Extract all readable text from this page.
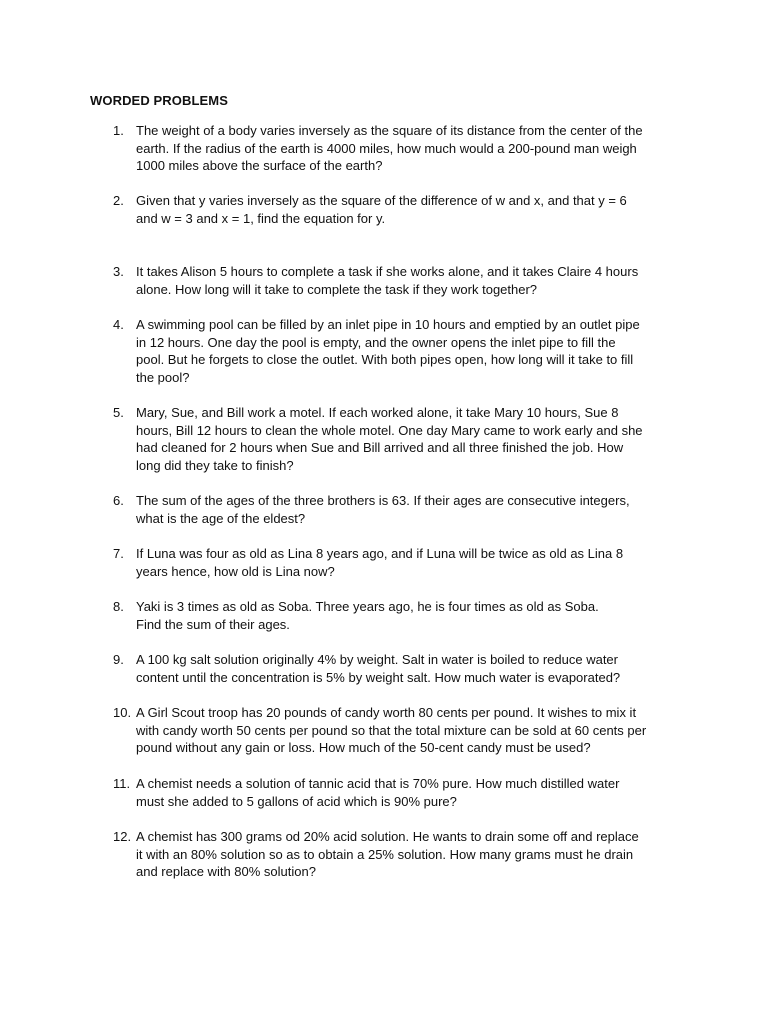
WORDED PROBLEMS
1. The weight of a body varies inversely as the square of its distance from the center of the
earth. If the radius of the earth is 4000 miles, how much would a 200-pound man weigh
1000 miles above the surface of the earth?
2. Given that y varies inversely as the square of the difference of w and x, and that y = 6
and w = 3 and x = 1, find the equation for y.
3. It takes Alison 5 hours to complete a task if she works alone, and it takes Claire 4 hours
alone. How long will it take to complete the task if they work together?
4. A swimming pool can be filled by an inlet pipe in 10 hours and emptied by an outlet pipe
in 12 hours. One day the pool is empty, and the owner opens the inlet pipe to fill the
pool. But he forgets to close the outlet. With both pipes open, how long will it take to fill
the pool?
5. Mary, Sue, and Bill work a motel. If each worked alone, it take Mary 10 hours, Sue 8
hours, Bill 12 hours to clean the whole motel. One day Mary came to work early and she
had cleaned for 2 hours when Sue and Bill arrived and all three finished the job. How
long did they take to finish?
6. The sum of the ages of the three brothers is 63. If their ages are consecutive integers,
what is the age of the eldest?
7. If Luna was four as old as Lina 8 years ago, and if Luna will be twice as old as Lina 8
years hence, how old is Lina now?
8. Yaki is 3 times as old as Soba. Three years ago, he is four times as old as Soba.
Find the sum of their ages.
9. A 100 kg salt solution originally 4% by weight. Salt in water is boiled to reduce water
content until the concentration is 5% by weight salt. How much water is evaporated?
10. A Girl Scout troop has 20 pounds of candy worth 80 cents per pound. It wishes to mix it
with candy worth 50 cents per pound so that the total mixture can be sold at 60 cents per
pound without any gain or loss. How much of the 50-cent candy must be used?
11. A chemist needs a solution of tannic acid that is 70% pure. How much distilled water
must she added to 5 gallons of acid which is 90% pure?
12. A chemist has 300 grams od 20% acid solution. He wants to drain some off and replace
it with an 80% solution so as to obtain a 25% solution. How many grams must he drain
and replace with 80% solution?
